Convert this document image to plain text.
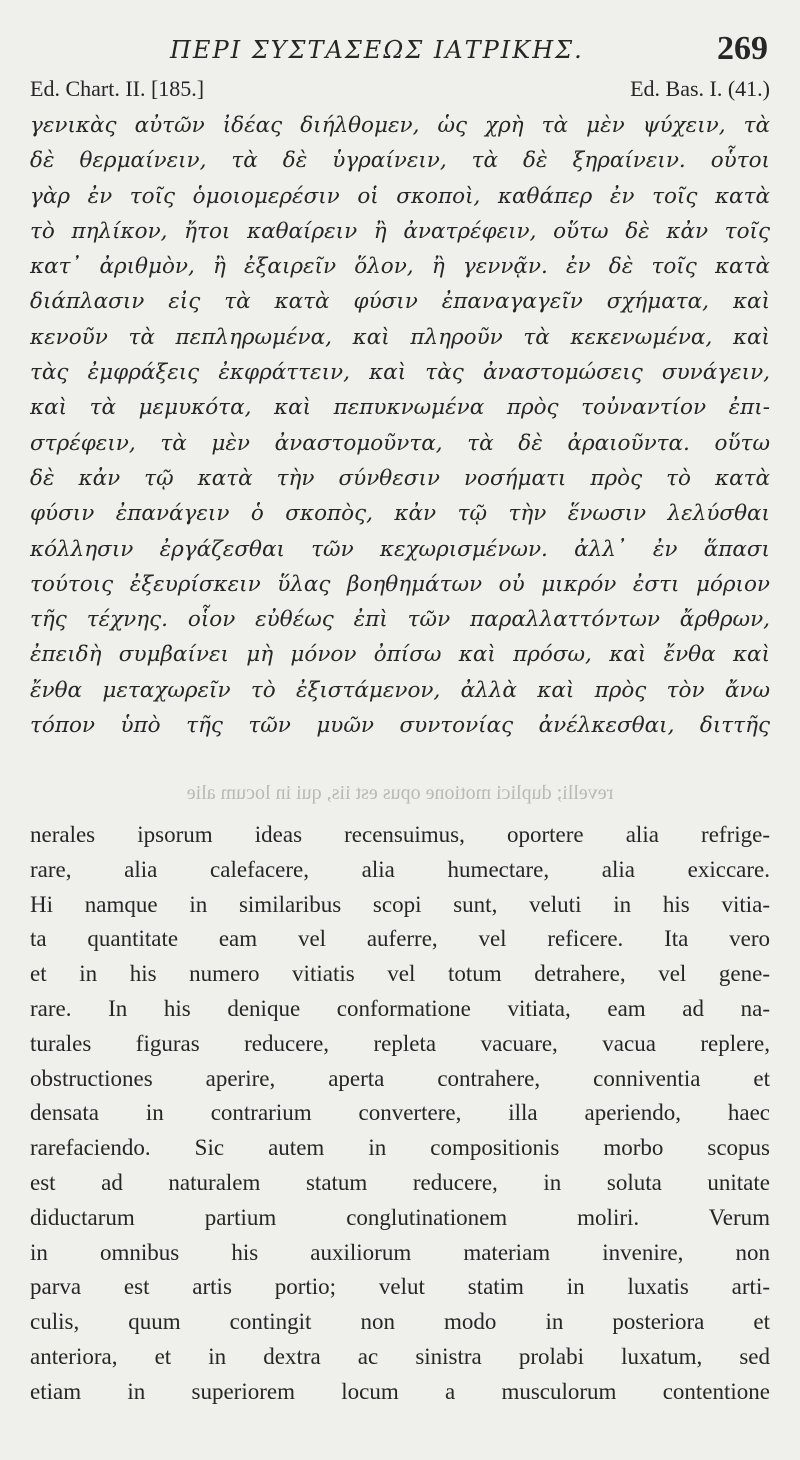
ΠΕΡΙ ΣΥΣΤΑΣΕΩΣ ΙΑΤΡΙΚΗΣ.	269
Ed. Chart. II. [185.]	Ed. Bas. I. (41.)
γενικὰς αὐτῶν ἰδέας διήλθομεν, ὡς χρὴ τὰ μὲν ψύχειν, τὰ
δὲ θερμαίνειν, τὰ δὲ ὑγραίνειν, τὰ δὲ ξηραίνειν. οὗτοι
γὰρ ἐν τοῖς ὁμοιομερέσιν οἱ σκοποὶ, καθάπερ ἐν τοῖς κατὰ
τὸ πηλίκον, ἤτοι καθαίρειν ἢ ἀνατρέφειν, οὕτω δὲ κἀν τοῖς
κατ᾽ ἀριθμὸν, ἢ ἐξαιρεῖν ὅλον, ἢ γεννᾷν. ἐν δὲ τοῖς κατὰ
διάπλασιν εἰς τὰ κατὰ φύσιν ἐπαναγαγεῖν σχήματα, καὶ
κενοῦν τὰ πεπληρωμένα, καὶ πληροῦν τὰ κεκενωμένα, καὶ
τὰς ἐμφράξεις ἐκφράττειν, καὶ τὰς ἀναστομώσεις συνάγειν,
καὶ τὰ μεμυκότα, καὶ πεπυκνωμένα πρὸς τοὐναντίον ἐπι-
στρέφειν, τὰ μὲν ἀναστομοῦντα, τὰ δὲ ἀραιοῦντα. οὕτω
δὲ κἀν τῷ κατὰ τὴν σύνθεσιν νοσήματι πρὸς τὸ κατὰ
φύσιν ἐπανάγειν ὁ σκοπὸς, κἀν τῷ τὴν ἕνωσιν λελύσθαι
κόλλησιν ἐργάζεσθαι τῶν κεχωρισμένων. ἀλλ᾽ ἐν ἅπασι
τούτοις ἐξευρίσκειν ὕλας βοηθημάτων οὐ μικρόν ἐστι μόριον
τῆς τέχνης. οἷον εὐθέως ἐπὶ τῶν παραλλαττόντων ἄρθρων,
ἐπειδὴ συμβαίνει μὴ μόνον ὀπίσω καὶ πρόσω, καὶ ἔνθα καὶ
ἔνθα μεταχωρεῖν τὸ ἐξιστάμενον, ἀλλὰ καὶ πρὸς τὸν ἄνω
τόπον ὑπὸ τῆς τῶν μυῶν συντονίας ἀνέλκεσθαι, διττῆς
revelli; duplici motione opus est iis, qui in locum alie
nerales ipsorum ideas recensuimus, oportere alia refrige-
rare, alia calefacere, alia humectare, alia exiccare.
Hi namque in similaribus scopi sunt, veluti in his vitia-
ta quantitate eam vel auferre, vel reficere. Ita vero
et in his numero vitiatis vel totum detrahere, vel gene-
rare. In his denique conformatione vitiata, eam ad na-
turales figuras reducere, repleta vacuare, vacua replere,
obstructiones aperire, aperta contrahere, conniventia et
densata in contrarium convertere, illa aperiendo, haec
rarefaciendo. Sic autem in compositionis morbo scopus
est ad naturalem statum reducere, in soluta unitate
diductarum partium conglutinationem moliri. Verum
in omnibus his auxiliorum materiam invenire, non
parva est artis portio; velut statim in luxatis arti-
culis, quum contingit non modo in posteriora et
anteriora, et in dextra ac sinistra prolabi luxatum, sed
etiam in superiorem locum a musculorum contentione
